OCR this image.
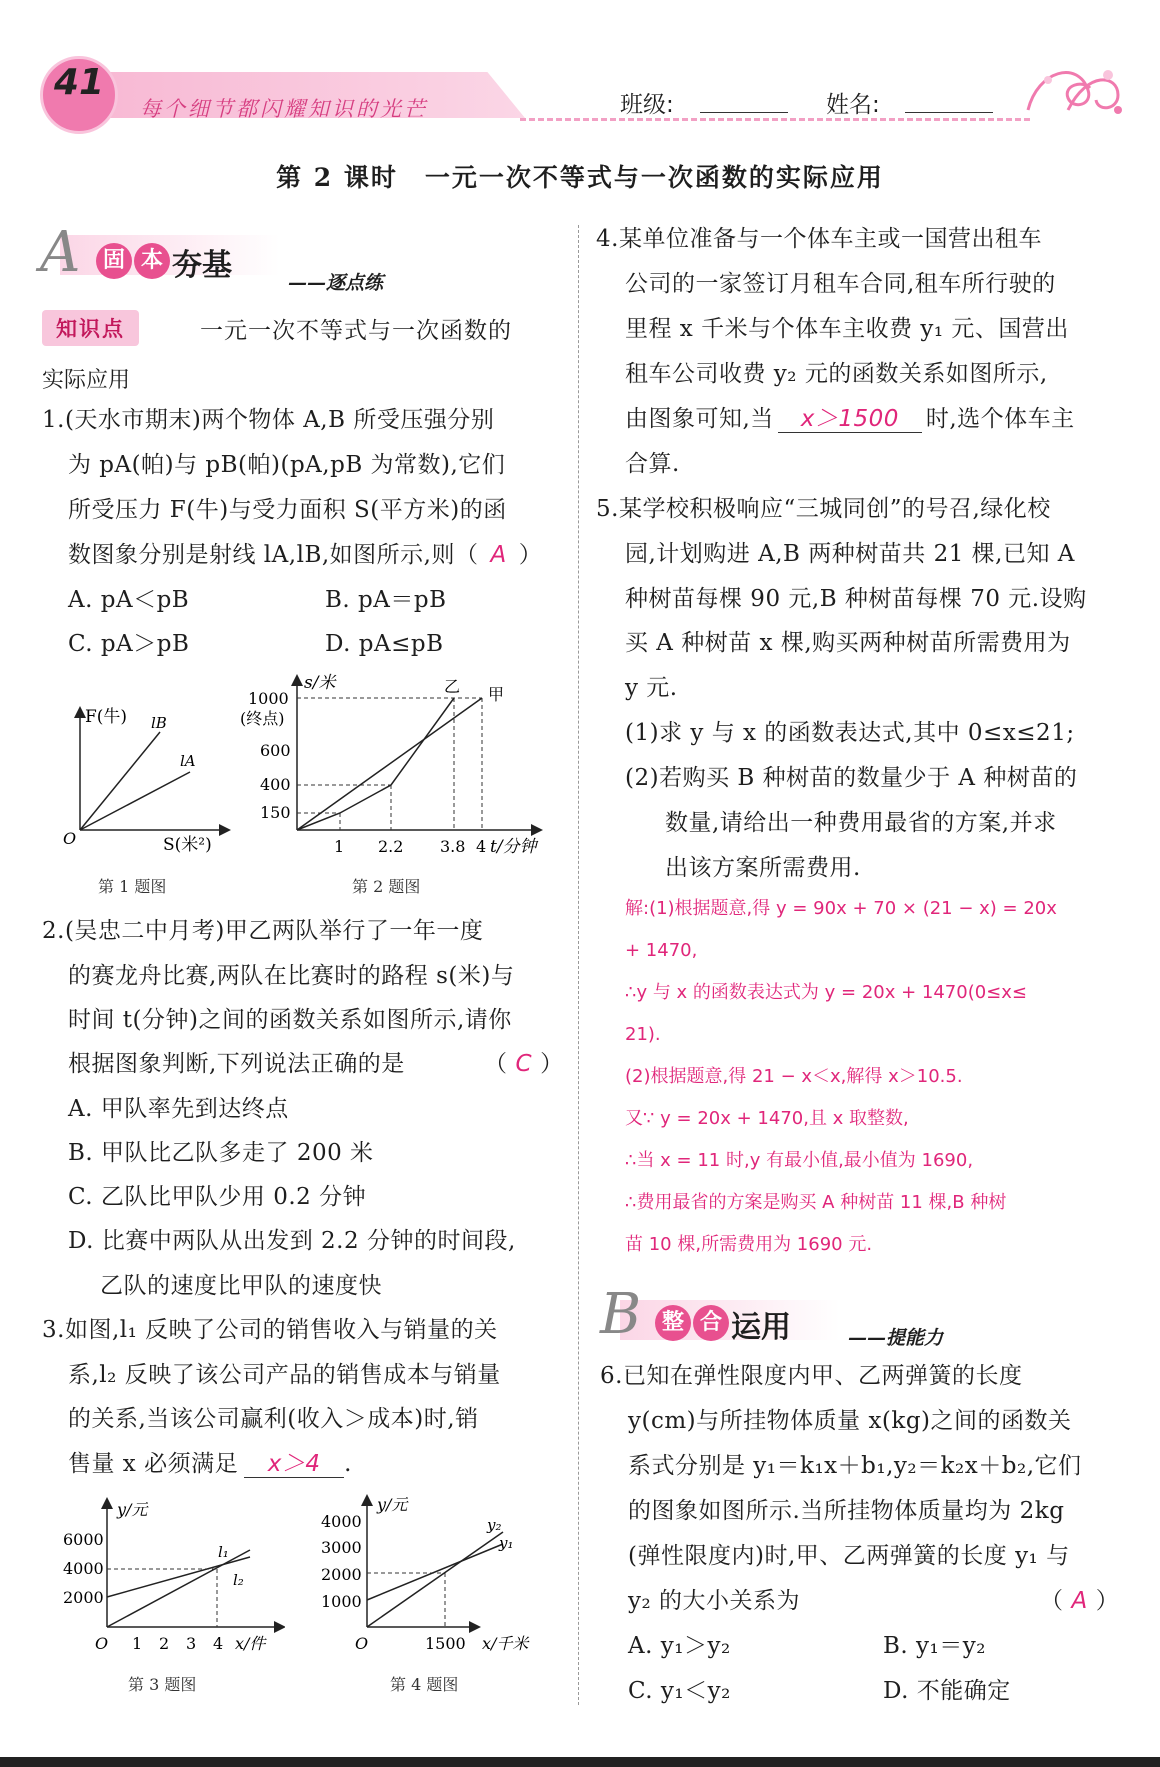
41
每个细节都闪耀知识的光芒	班级:	姓名:
第 2 课时　一元一次不等式与一次函数的实际应用
A	固 本 夯基	——逐点练
知识点	一元一次不等式与一次函数的
实际应用
1.(天水市期末)两个物体 A,B 所受压强分别
为 pA(帕)与 pB(帕)(pA,pB 为常数),它们
所受压力 F(牛)与受力面积 S(平方米)的函
数图象分别是射线 lA,lB,如图所示,则（ A ）
A. pA＜pB	B. pA＝pB
C. pA＞pB	D. pA≤pB
F(牛)
S(米²)
O
lB
lA
第 1 题图
s/米
1000
(终点)
600
400
150
1 2.2 3.8 4 t/分钟
乙 甲
第 2 题图
2.(吴忠二中月考)甲乙两队举行了一年一度
的赛龙舟比赛,两队在比赛时的路程 s(米)与
时间 t(分钟)之间的函数关系如图所示,请你
根据图象判断,下列说法正确的是	（ C ）
A. 甲队率先到达终点
B. 甲队比乙队多走了 200 米
C. 乙队比甲队少用 0.2 分钟
D. 比赛中两队从出发到 2.2 分钟的时间段,
乙队的速度比甲队的速度快
3.如图,l₁ 反映了公司的销售收入与销量的关
系,l₂ 反映了该公司产品的销售成本与销量
的关系,当该公司赢利(收入＞成本)时,销
售量 x 必须满足 x＞4 .
y/元
6000
4000
2000
O 1 2 3 4 x/件
l₁
l₂
第 3 题图
y/元
4000
3000
2000
1000
O	1500 x/千米
y₂
y₁
第 4 题图
4.某单位准备与一个体车主或一国营出租车
公司的一家签订月租车合同,租车所行驶的
里程 x 千米与个体车主收费 y₁ 元、国营出
租车公司收费 y₂ 元的函数关系如图所示,
由图象可知,当 x＞1500 时,选个体车主
合算.
5.某学校积极响应“三城同创”的号召,绿化校
园,计划购进 A,B 两种树苗共 21 棵,已知 A
种树苗每棵 90 元,B 种树苗每棵 70 元.设购
买 A 种树苗 x 棵,购买两种树苗所需费用为
y 元.
(1)求 y 与 x 的函数表达式,其中 0≤x≤21;
(2)若购买 B 种树苗的数量少于 A 种树苗的
数量,请给出一种费用最省的方案,并求
出该方案所需费用.
解:(1)根据题意,得 y = 90x + 70 × (21 − x) = 20x
+ 1470,
∴y 与 x 的函数表达式为 y = 20x + 1470(0≤x≤
21).
(2)根据题意,得 21 − x＜x,解得 x＞10.5.
又∵ y = 20x + 1470,且 x 取整数,
∴当 x = 11 时,y 有最小值,最小值为 1690,
∴费用最省的方案是购买 A 种树苗 11 棵,B 种树
苗 10 棵,所需费用为 1690 元.
B 整 合 运用	——提能力
6.已知在弹性限度内甲、乙两弹簧的长度
y(cm)与所挂物体质量 x(kg)之间的函数关
系式分别是 y₁＝k₁x＋b₁,y₂＝k₂x＋b₂,它们
的图象如图所示.当所挂物体质量均为 2kg
(弹性限度内)时,甲、乙两弹簧的长度 y₁ 与
y₂ 的大小关系为	（ A ）
A. y₁＞y₂	B. y₁＝y₂
C. y₁＜y₂	D. 不能确定
